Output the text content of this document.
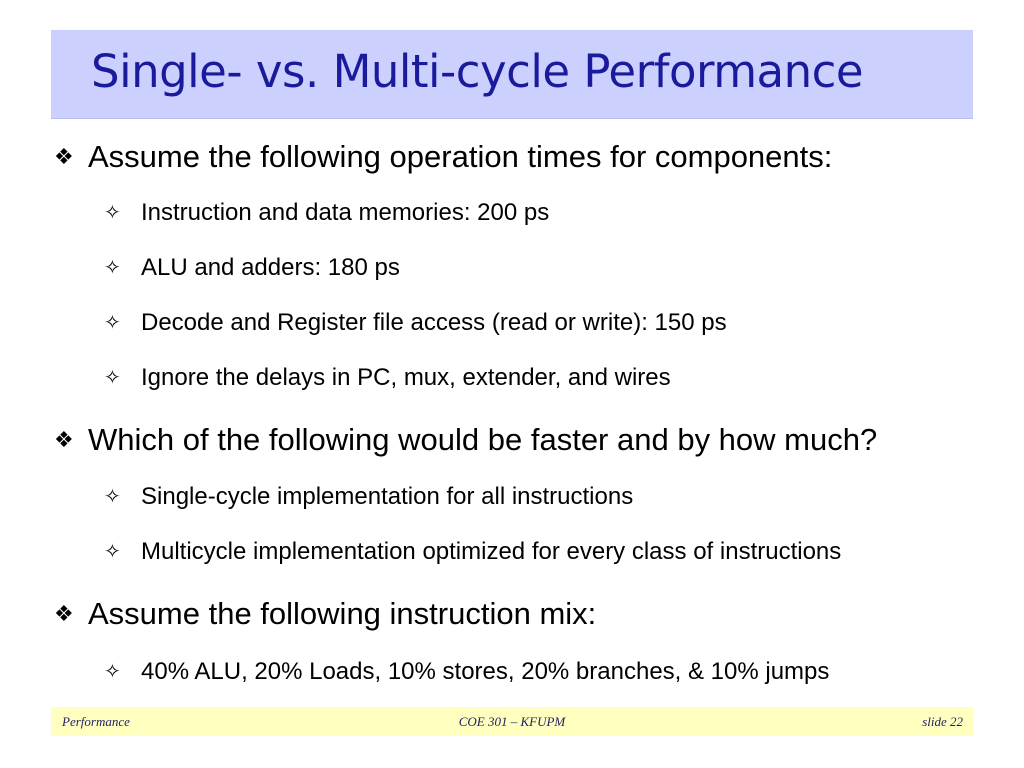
Single- vs. Multi-cycle Performance
❖ Assume the following operation times for components:
✧ Instruction and data memories: 200 ps
✧ ALU and adders: 180 ps
✧ Decode and Register file access (read or write): 150 ps
✧ Ignore the delays in PC, mux, extender, and wires
❖ Which of the following would be faster and by how much?
✧ Single-cycle implementation for all instructions
✧ Multicycle implementation optimized for every class of instructions
❖ Assume the following instruction mix:
✧ 40% ALU, 20% Loads, 10% stores, 20% branches, & 10% jumps
Performance	COE 301 – KFUPM	slide 22
